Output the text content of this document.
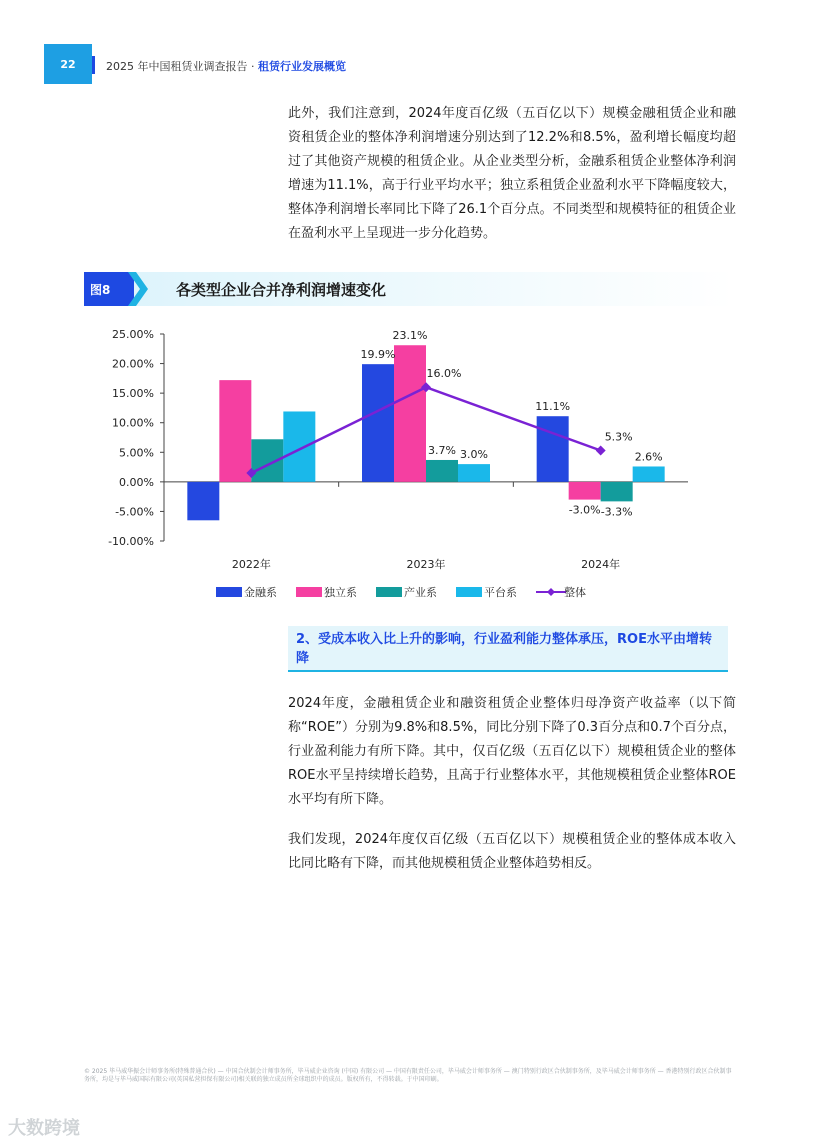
22	2025 年中国租赁业调查报告 · 租赁行业发展概览

此外，我们注意到，2024年度百亿级（五百亿以下）规模金融租赁企业和融资租赁企业的整体净利润增速分别达到了12.2%和8.5%，盈利增长幅度均超过了其他资产规模的租赁企业。从企业类型分析，金融系租赁企业整体净利润增速为11.1%，高于行业平均水平；独立系租赁企业盈利水平下降幅度较大，整体净利润增长率同比下降了26.1个百分点。不同类型和规模特征的租赁企业在盈利水平上呈现进一步分化趋势。

图8	各类型企业合并净利润增速变化
25.00%
20.00%
15.00%
10.00%
5.00%
0.00%
-5.00%
-10.00%
2022年	2023年	2024年
19.9%
23.1%
3.7% 3.0%
11.1%
-3.0% -3.3%
2.6%
16.0%
5.3%
金融系	独立系	产业系	平台系	整体

2、受成本收入比上升的影响，行业盈利能力整体承压，ROE水平由增转降

2024年度，金融租赁企业和融资租赁企业整体归母净资产收益率（以下简称“ROE”）分别为9.8%和8.5%，同比分别下降了0.3百分点和0.7个百分点，行业盈利能力有所下降。其中，仅百亿级（五百亿以下）规模租赁企业的整体ROE水平呈持续增长趋势，且高于行业整体水平，其他规模租赁企业整体ROE水平均有所下降。

我们发现，2024年度仅百亿级（五百亿以下）规模租赁企业的整体成本收入比同比略有下降，而其他规模租赁企业整体趋势相反。

© 2025 毕马威华振会计师事务所(特殊普通合伙) — 中国合伙制会计师事务所，毕马威企业咨询 (中国) 有限公司 — 中国有限责任公司，毕马威会计师事务所 — 澳门特别行政区合伙制事务所，及毕马威会计师事务所 — 香港特别行政区合伙制事务所，均是与毕马威国际有限公司(英国私营担保有限公司)相关联的独立成员所全球组织中的成员。版权所有，不得转载。于中国印刷。

大数跨境
